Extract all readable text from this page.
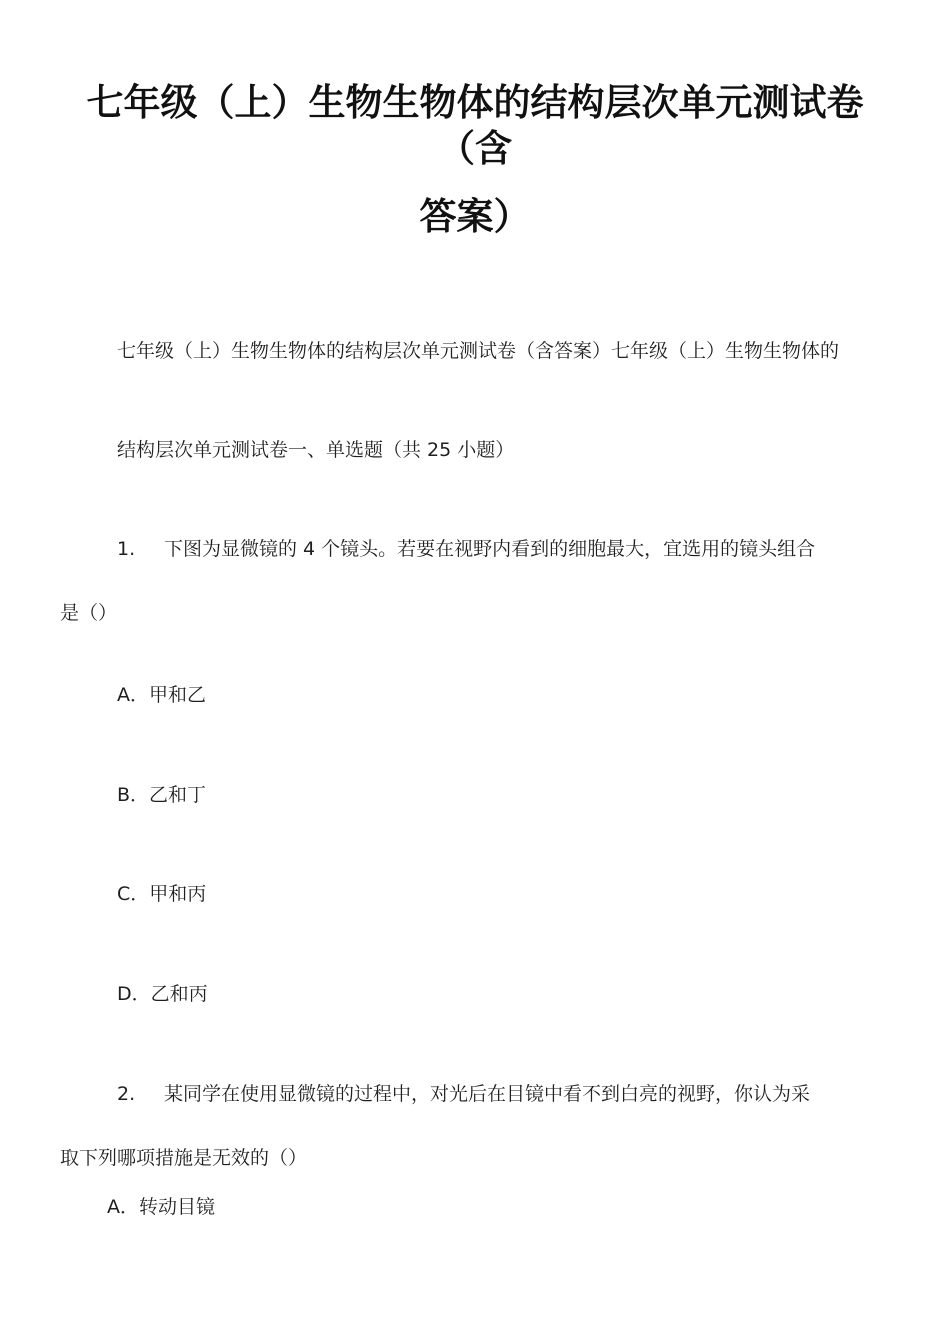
七年级（上）生物生物体的结构层次单元测试卷
（含
答案）
七年级（上）生物生物体的结构层次单元测试卷（含答案）七年级（上）生物生物体的
结构层次单元测试卷一、单选题（共 25 小题）
1. 下图为显微镜的 4 个镜头。若要在视野内看到的细胞最大，宜选用的镜头组合
是（）
A．甲和乙
B．乙和丁
C．甲和丙
D．乙和丙
2. 某同学在使用显微镜的过程中，对光后在目镜中看不到白亮的视野，你认为采
取下列哪项措施是无效的（）
A．转动目镜
